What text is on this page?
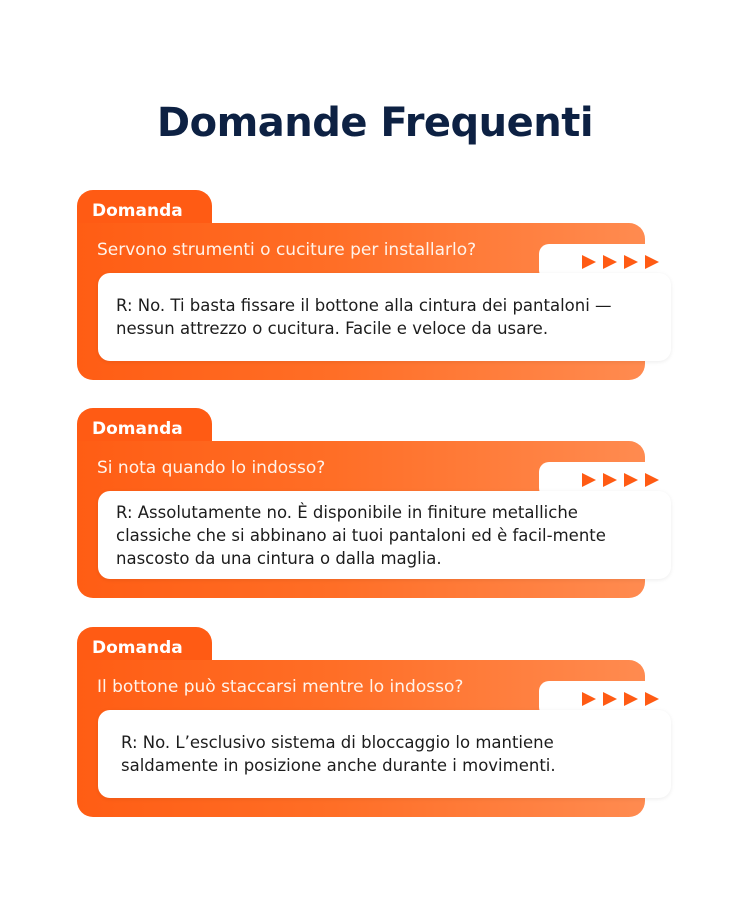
Domande Frequenti
Domanda
Servono strumenti o cuciture per installarlo?
R: No. Ti basta fissare il bottone alla cintura dei pantaloni — nessun attrezzo o cucitura. Facile e veloce da usare.
Domanda
Si nota quando lo indosso?
R: Assolutamente no. È disponibile in finiture metalliche classiche che si abbinano ai tuoi pantaloni ed è facil-mente nascosto da una cintura o dalla maglia.
Domanda
Il bottone può staccarsi mentre lo indosso?
R: No. L’esclusivo sistema di bloccaggio lo mantiene saldamente in posizione anche durante i movimenti.
